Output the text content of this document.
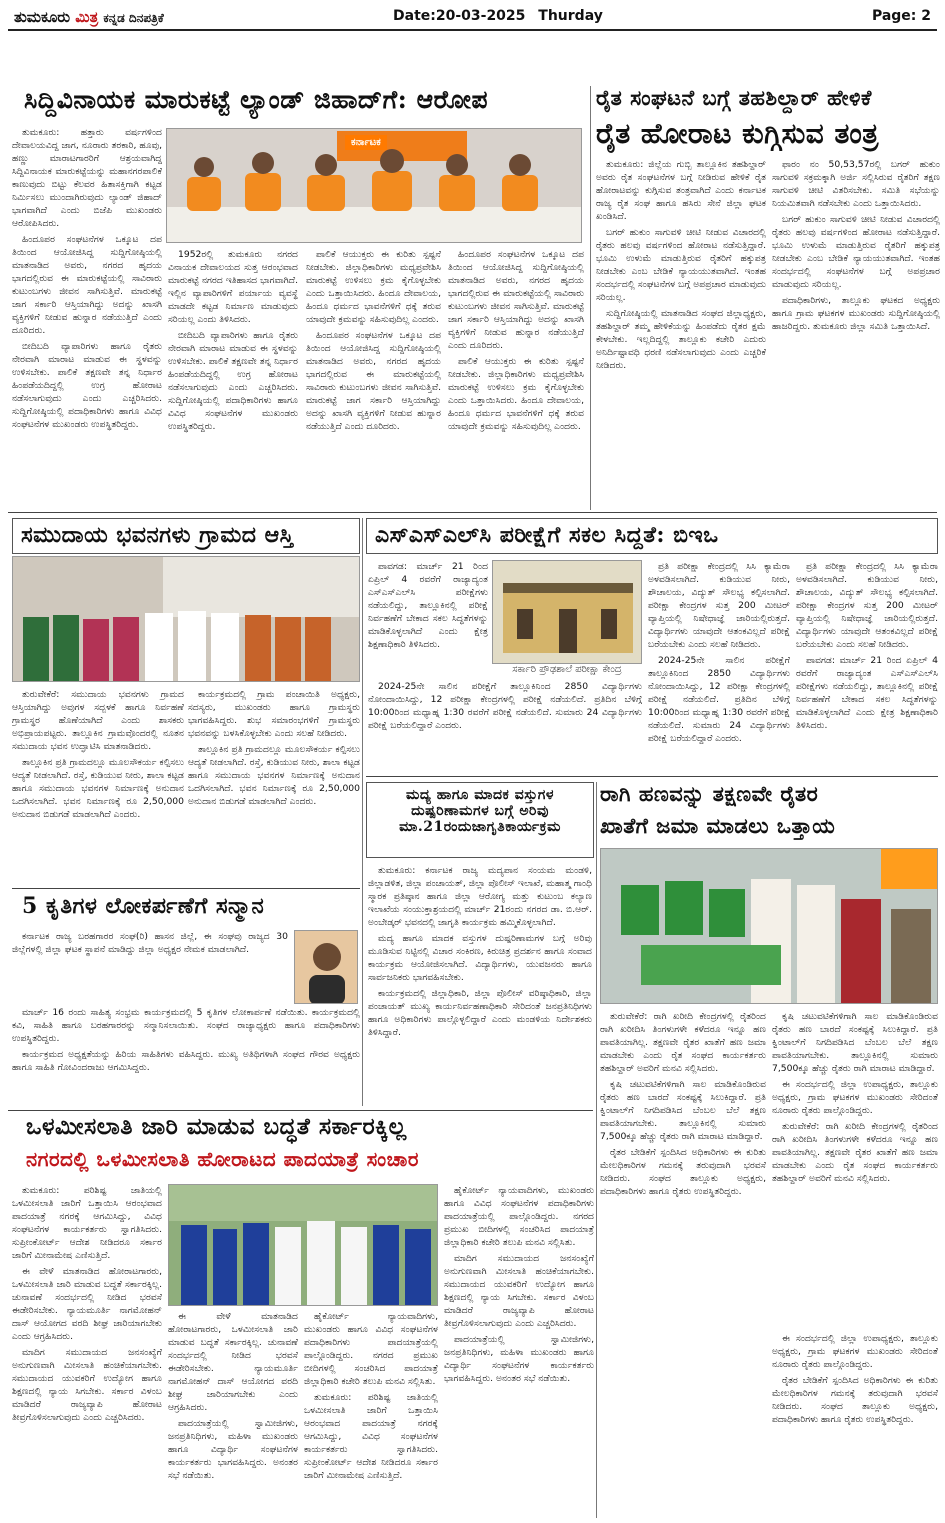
ತುಮಕೂರು ಮಿತ್ರ ಕನ್ನಡ ದಿನಪತ್ರಿಕೆ	Date:20-03-2025 Thurday	Page: 2
ಸಿದ್ದಿವಿನಾಯಕ ಮಾರುಕಟ್ಟೆ ಲ್ಯಾಂಡ್ ಜಿಹಾದ್‌ಗೆ: ಆರೋಪ
ಕರ್ನಾಟಕ

ತುಮಕೂರು: ಹತ್ತಾರು ವರ್ಷಗಳಿಂದ ದೇವಾಲಯವಿದ್ದ ಜಾಗ, ನೂರಾರು ತರಕಾರಿ, ಹೂವು, ಹಣ್ಣು ಮಾರಾಟಗಾರರಿಗೆ ಆಶ್ರಯವಾಗಿದ್ದ ಸಿದ್ದಿವಿನಾಯಕ ಮಾರುಕಟ್ಟೆಯನ್ನು ಮಹಾನಗರಪಾಲಿಕೆ ಕಾಣುವುದು ಬಿಟ್ಟು ಕೆಲವರ ಹಿತಾಸಕ್ತಿಗಾಗಿ ಕಟ್ಟಡ ನಿರ್ಮಿಸಲು ಮುಂದಾಗಿರುವುದು ಲ್ಯಾಂಡ್ ಜಿಹಾದ್ ಭಾಗವಾಗಿದೆ ಎಂದು ಬಿಜೆಪಿ ಮುಖಂಡರು ಆರೋಪಿಸಿದರು.

ಹಿಂದೂಪರ ಸಂಘಟನೆಗಳ ಒಕ್ಕೂಟ ದಪ ತಿಯಿಂದ ಆಯೋಜಿಸಿದ್ದ ಸುದ್ದಿಗೋಷ್ಠಿಯಲ್ಲಿ ಮಾತನಾಡಿದ ಅವರು, ನಗರದ ಹೃದಯ ಭಾಗದಲ್ಲಿರುವ ಈ ಮಾರುಕಟ್ಟೆಯಲ್ಲಿ ಸಾವಿರಾರು ಕುಟುಂಬಗಳು ಜೀವನ ಸಾಗಿಸುತ್ತಿವೆ. ಮಾರುಕಟ್ಟೆ ಜಾಗ ಸರ್ಕಾರಿ ಆಸ್ತಿಯಾಗಿದ್ದು ಅದನ್ನು ಖಾಸಗಿ ವ್ಯಕ್ತಿಗಳಿಗೆ ನೀಡುವ ಹುನ್ನಾರ ನಡೆಯುತ್ತಿದೆ ಎಂದು ದೂರಿದರು.

ಬೀದಿಬದಿ ವ್ಯಾಪಾರಿಗಳು ಹಾಗೂ ರೈತರು ನೇರವಾಗಿ ಮಾರಾಟ ಮಾಡುವ ಈ ಸ್ಥಳವನ್ನು ಉಳಿಸಬೇಕು. ಪಾಲಿಕೆ ತಕ್ಷಣವೇ ತನ್ನ ನಿರ್ಧಾರ ಹಿಂಪಡೆಯದಿದ್ದಲ್ಲಿ ಉಗ್ರ ಹೋರಾಟ ನಡೆಸಲಾಗುವುದು ಎಂದು ಎಚ್ಚರಿಸಿದರು. ಸುದ್ದಿಗೋಷ್ಠಿಯಲ್ಲಿ ಪದಾಧಿಕಾರಿಗಳು ಹಾಗೂ ವಿವಿಧ ಸಂಘಟನೆಗಳ ಮುಖಂಡರು ಉಪಸ್ಥಿತರಿದ್ದರು.

1952ರಲ್ಲಿ ತುಮಕೂರು ನಗರದ ವಿನಾಯಕ ದೇವಾಲಯದ ಸುತ್ತ ಆರಂಭವಾದ ಮಾರುಕಟ್ಟೆ ನಗರದ ಇತಿಹಾಸದ ಭಾಗವಾಗಿದೆ. ಇಲ್ಲಿನ ವ್ಯಾಪಾರಿಗಳಿಗೆ ಪರ್ಯಾಯ ವ್ಯವಸ್ಥೆ ಮಾಡದೇ ಕಟ್ಟಡ ನಿರ್ಮಾಣ ಮಾಡುವುದು ಸರಿಯಲ್ಲ ಎಂದು ತಿಳಿಸಿದರು.

ಬೀದಿಬದಿ ವ್ಯಾಪಾರಿಗಳು ಹಾಗೂ ರೈತರು ನೇರವಾಗಿ ಮಾರಾಟ ಮಾಡುವ ಈ ಸ್ಥಳವನ್ನು ಉಳಿಸಬೇಕು. ಪಾಲಿಕೆ ತಕ್ಷಣವೇ ತನ್ನ ನಿರ್ಧಾರ ಹಿಂಪಡೆಯದಿದ್ದಲ್ಲಿ ಉಗ್ರ ಹೋರಾಟ ನಡೆಸಲಾಗುವುದು ಎಂದು ಎಚ್ಚರಿಸಿದರು. ಸುದ್ದಿಗೋಷ್ಠಿಯಲ್ಲಿ ಪದಾಧಿಕಾರಿಗಳು ಹಾಗೂ ವಿವಿಧ ಸಂಘಟನೆಗಳ ಮುಖಂಡರು ಉಪಸ್ಥಿತರಿದ್ದರು.

ಪಾಲಿಕೆ ಆಯುಕ್ತರು ಈ ಕುರಿತು ಸ್ಪಷ್ಟನೆ ನೀಡಬೇಕು. ಜಿಲ್ಲಾಧಿಕಾರಿಗಳು ಮಧ್ಯಪ್ರವೇಶಿಸಿ ಮಾರುಕಟ್ಟೆ ಉಳಿಸಲು ಕ್ರಮ ಕೈಗೊಳ್ಳಬೇಕು ಎಂದು ಒತ್ತಾಯಿಸಿದರು. ಹಿಂದೂ ದೇವಾಲಯ, ಹಿಂದೂ ಧರ್ಮದ ಭಾವನೆಗಳಿಗೆ ಧಕ್ಕೆ ತರುವ ಯಾವುದೇ ಕ್ರಮವನ್ನು ಸಹಿಸುವುದಿಲ್ಲ ಎಂದರು.

ಹಿಂದೂಪರ ಸಂಘಟನೆಗಳ ಒಕ್ಕೂಟ ದಪ ತಿಯಿಂದ ಆಯೋಜಿಸಿದ್ದ ಸುದ್ದಿಗೋಷ್ಠಿಯಲ್ಲಿ ಮಾತನಾಡಿದ ಅವರು, ನಗರದ ಹೃದಯ ಭಾಗದಲ್ಲಿರುವ ಈ ಮಾರುಕಟ್ಟೆಯಲ್ಲಿ ಸಾವಿರಾರು ಕುಟುಂಬಗಳು ಜೀವನ ಸಾಗಿಸುತ್ತಿವೆ. ಮಾರುಕಟ್ಟೆ ಜಾಗ ಸರ್ಕಾರಿ ಆಸ್ತಿಯಾಗಿದ್ದು ಅದನ್ನು ಖಾಸಗಿ ವ್ಯಕ್ತಿಗಳಿಗೆ ನೀಡುವ ಹುನ್ನಾರ ನಡೆಯುತ್ತಿದೆ ಎಂದು ದೂರಿದರು.

ಹಿಂದೂಪರ ಸಂಘಟನೆಗಳ ಒಕ್ಕೂಟ ದಪ ತಿಯಿಂದ ಆಯೋಜಿಸಿದ್ದ ಸುದ್ದಿಗೋಷ್ಠಿಯಲ್ಲಿ ಮಾತನಾಡಿದ ಅವರು, ನಗರದ ಹೃದಯ ಭಾಗದಲ್ಲಿರುವ ಈ ಮಾರುಕಟ್ಟೆಯಲ್ಲಿ ಸಾವಿರಾರು ಕುಟುಂಬಗಳು ಜೀವನ ಸಾಗಿಸುತ್ತಿವೆ. ಮಾರುಕಟ್ಟೆ ಜಾಗ ಸರ್ಕಾರಿ ಆಸ್ತಿಯಾಗಿದ್ದು ಅದನ್ನು ಖಾಸಗಿ ವ್ಯಕ್ತಿಗಳಿಗೆ ನೀಡುವ ಹುನ್ನಾರ ನಡೆಯುತ್ತಿದೆ ಎಂದು ದೂರಿದರು.

ಪಾಲಿಕೆ ಆಯುಕ್ತರು ಈ ಕುರಿತು ಸ್ಪಷ್ಟನೆ ನೀಡಬೇಕು. ಜಿಲ್ಲಾಧಿಕಾರಿಗಳು ಮಧ್ಯಪ್ರವೇಶಿಸಿ ಮಾರುಕಟ್ಟೆ ಉಳಿಸಲು ಕ್ರಮ ಕೈಗೊಳ್ಳಬೇಕು ಎಂದು ಒತ್ತಾಯಿಸಿದರು. ಹಿಂದೂ ದೇವಾಲಯ, ಹಿಂದೂ ಧರ್ಮದ ಭಾವನೆಗಳಿಗೆ ಧಕ್ಕೆ ತರುವ ಯಾವುದೇ ಕ್ರಮವನ್ನು ಸಹಿಸುವುದಿಲ್ಲ ಎಂದರು.

ರೈತ ಸಂಘಟನೆ ಬಗ್ಗೆ ತಹಶಿಲ್ದಾರ್ ಹೇಳಿಕೆ
ರೈತ ಹೋರಾಟ ಕುಗ್ಗಿಸುವ ತಂತ್ರ

ತುಮಕೂರು: ಜಿಲ್ಲೆಯ ಗುಬ್ಬಿ ತಾಲ್ಲೂಕಿನ ತಹಶಿಲ್ದಾರ್ ಅವರು ರೈತ ಸಂಘಟನೆಗಳ ಬಗ್ಗೆ ನೀಡಿರುವ ಹೇಳಿಕೆ ರೈತ ಹೋರಾಟವನ್ನು ಕುಗ್ಗಿಸುವ ತಂತ್ರವಾಗಿದೆ ಎಂದು ಕರ್ನಾಟಕ ರಾಜ್ಯ ರೈತ ಸಂಘ ಹಾಗೂ ಹಸಿರು ಸೇನೆ ಜಿಲ್ಲಾ ಘಟಕ ಖಂಡಿಸಿದೆ.

ಬಗರ್ ಹುಕುಂ ಸಾಗುವಳಿ ಚೀಟಿ ನೀಡುವ ವಿಚಾರದಲ್ಲಿ ರೈತರು ಹಲವು ವರ್ಷಗಳಿಂದ ಹೋರಾಟ ನಡೆಸುತ್ತಿದ್ದಾರೆ. ಭೂಮಿ ಉಳುಮೆ ಮಾಡುತ್ತಿರುವ ರೈತರಿಗೆ ಹಕ್ಕುಪತ್ರ ನೀಡಬೇಕು ಎಂಬ ಬೇಡಿಕೆ ನ್ಯಾಯಯುತವಾಗಿದೆ. ಇಂತಹ ಸಂದರ್ಭದಲ್ಲಿ ಸಂಘಟನೆಗಳ ಬಗ್ಗೆ ಅಪಪ್ರಚಾರ ಮಾಡುವುದು ಸರಿಯಲ್ಲ.

ಸುದ್ದಿಗೋಷ್ಠಿಯಲ್ಲಿ ಮಾತನಾಡಿದ ಸಂಘದ ಜಿಲ್ಲಾಧ್ಯಕ್ಷರು, ತಹಶಿಲ್ದಾರ್ ತಮ್ಮ ಹೇಳಿಕೆಯನ್ನು ಹಿಂಪಡೆದು ರೈತರ ಕ್ಷಮೆ ಕೇಳಬೇಕು. ಇಲ್ಲದಿದ್ದಲ್ಲಿ ತಾಲ್ಲೂಕು ಕಚೇರಿ ಎದುರು ಅನಿರ್ದಿಷ್ಟಾವಧಿ ಧರಣಿ ನಡೆಸಲಾಗುವುದು ಎಂದು ಎಚ್ಚರಿಕೆ ನೀಡಿದರು.

ಫಾರಂ ನಂ 50,53,57ರಲ್ಲಿ ಬಗರ್ ಹುಕುಂ ಸಾಗುವಳಿ ಸಕ್ರಮಕ್ಕಾಗಿ ಅರ್ಜಿ ಸಲ್ಲಿಸಿರುವ ರೈತರಿಗೆ ತಕ್ಷಣ ಸಾಗುವಳಿ ಚೀಟಿ ವಿತರಿಸಬೇಕು. ಸಮಿತಿ ಸಭೆಯನ್ನು ನಿಯಮಿತವಾಗಿ ನಡೆಸಬೇಕು ಎಂದು ಒತ್ತಾಯಿಸಿದರು.

ಬಗರ್ ಹುಕುಂ ಸಾಗುವಳಿ ಚೀಟಿ ನೀಡುವ ವಿಚಾರದಲ್ಲಿ ರೈತರು ಹಲವು ವರ್ಷಗಳಿಂದ ಹೋರಾಟ ನಡೆಸುತ್ತಿದ್ದಾರೆ. ಭೂಮಿ ಉಳುಮೆ ಮಾಡುತ್ತಿರುವ ರೈತರಿಗೆ ಹಕ್ಕುಪತ್ರ ನೀಡಬೇಕು ಎಂಬ ಬೇಡಿಕೆ ನ್ಯಾಯಯುತವಾಗಿದೆ. ಇಂತಹ ಸಂದರ್ಭದಲ್ಲಿ ಸಂಘಟನೆಗಳ ಬಗ್ಗೆ ಅಪಪ್ರಚಾರ ಮಾಡುವುದು ಸರಿಯಲ್ಲ.

ಪದಾಧಿಕಾರಿಗಳು, ತಾಲ್ಲೂಕು ಘಟಕದ ಅಧ್ಯಕ್ಷರು ಹಾಗೂ ಗ್ರಾಮ ಘಟಕಗಳ ಮುಖಂಡರು ಸುದ್ದಿಗೋಷ್ಠಿಯಲ್ಲಿ ಹಾಜರಿದ್ದರು. ತುಮಕೂರು ಜಿಲ್ಲಾ ಸಮಿತಿ ಒತ್ತಾಯಿಸಿದೆ.

ಸಮುದಾಯ ಭವನಗಳು ಗ್ರಾಮದ ಆಸ್ತಿ

ತುರುವೇಕೆರೆ: ಸಮುದಾಯ ಭವನಗಳು ಗ್ರಾಮದ ಆಸ್ತಿಯಾಗಿದ್ದು ಅವುಗಳ ಸದ್ಬಳಕೆ ಹಾಗೂ ನಿರ್ವಹಣೆ ಗ್ರಾಮಸ್ಥರ ಹೊಣೆಯಾಗಿದೆ ಎಂದು ಶಾಸಕರು ಅಭಿಪ್ರಾಯಪಟ್ಟರು. ತಾಲ್ಲೂಕಿನ ಗ್ರಾಮವೊಂದರಲ್ಲಿ ನೂತನ ಸಮುದಾಯ ಭವನ ಉದ್ಘಾಟಿಸಿ ಮಾತನಾಡಿದರು.

ತಾಲ್ಲೂಕಿನ ಪ್ರತಿ ಗ್ರಾಮದಲ್ಲೂ ಮೂಲಸೌಕರ್ಯ ಕಲ್ಪಿಸಲು ಆದ್ಯತೆ ನೀಡಲಾಗಿದೆ. ರಸ್ತೆ, ಕುಡಿಯುವ ನೀರು, ಶಾಲಾ ಕಟ್ಟಡ ಹಾಗೂ ಸಮುದಾಯ ಭವನಗಳ ನಿರ್ಮಾಣಕ್ಕೆ ಅನುದಾನ ಒದಗಿಸಲಾಗಿದೆ. ಭವನ ನಿರ್ಮಾಣಕ್ಕೆ ರೂ 2,50,000 ಅನುದಾನ ಬಿಡುಗಡೆ ಮಾಡಲಾಗಿದೆ ಎಂದರು.

ಕಾರ್ಯಕ್ರಮದಲ್ಲಿ ಗ್ರಾಮ ಪಂಚಾಯಿತಿ ಅಧ್ಯಕ್ಷರು, ಸದಸ್ಯರು, ಮುಖಂಡರು ಹಾಗೂ ಗ್ರಾಮಸ್ಥರು ಭಾಗವಹಿಸಿದ್ದರು. ಶುಭ ಸಮಾರಂಭಗಳಿಗೆ ಗ್ರಾಮಸ್ಥರು ಭವನವನ್ನು ಬಳಸಿಕೊಳ್ಳಬೇಕು ಎಂದು ಸಲಹೆ ನೀಡಿದರು.

ತಾಲ್ಲೂಕಿನ ಪ್ರತಿ ಗ್ರಾಮದಲ್ಲೂ ಮೂಲಸೌಕರ್ಯ ಕಲ್ಪಿಸಲು ಆದ್ಯತೆ ನೀಡಲಾಗಿದೆ. ರಸ್ತೆ, ಕುಡಿಯುವ ನೀರು, ಶಾಲಾ ಕಟ್ಟಡ ಹಾಗೂ ಸಮುದಾಯ ಭವನಗಳ ನಿರ್ಮಾಣಕ್ಕೆ ಅನುದಾನ ಒದಗಿಸಲಾಗಿದೆ. ಭವನ ನಿರ್ಮಾಣಕ್ಕೆ ರೂ 2,50,000 ಅನುದಾನ ಬಿಡುಗಡೆ ಮಾಡಲಾಗಿದೆ ಎಂದರು.

ಎಸ್‌ಎಸ್‌ಎಲ್‌ಸಿ ಪರೀಕ್ಷೆಗೆ ಸಕಲ ಸಿದ್ದತೆ: ಬಿಇಒ

ಪಾವಗಡ: ಮಾರ್ಚ್ 21 ರಿಂದ ಏಪ್ರಿಲ್ 4 ರವರೆಗೆ ರಾಜ್ಯಾದ್ಯಂತ ಎಸ್‌ಎಸ್‌ಎಲ್‌ಸಿ ಪರೀಕ್ಷೆಗಳು ನಡೆಯಲಿದ್ದು, ತಾಲ್ಲೂಕಿನಲ್ಲಿ ಪರೀಕ್ಷೆ ನಿರ್ವಹಣೆಗೆ ಬೇಕಾದ ಸಕಲ ಸಿದ್ಧತೆಗಳನ್ನು ಮಾಡಿಕೊಳ್ಳಲಾಗಿದೆ ಎಂದು ಕ್ಷೇತ್ರ ಶಿಕ್ಷಣಾಧಿಕಾರಿ ತಿಳಿಸಿದರು.

ಸರ್ಕಾರಿ ಪ್ರೌಢಶಾಲೆ ಪರೀಕ್ಷಾ ಕೇಂದ್ರ

2024-25ನೇ ಸಾಲಿನ ಪರೀಕ್ಷೆಗೆ ತಾಲ್ಲೂಕಿನಿಂದ 2850 ವಿದ್ಯಾರ್ಥಿಗಳು ನೋಂದಾಯಿಸಿದ್ದು, 12 ಪರೀಕ್ಷಾ ಕೇಂದ್ರಗಳಲ್ಲಿ ಪರೀಕ್ಷೆ ನಡೆಯಲಿದೆ. ಪ್ರತಿದಿನ ಬೆಳಿಗ್ಗೆ 10:00ರಿಂದ ಮಧ್ಯಾಹ್ನ 1:30 ರವರೆಗೆ ಪರೀಕ್ಷೆ ನಡೆಯಲಿದೆ. ಸುಮಾರು 24 ವಿದ್ಯಾರ್ಥಿಗಳು ಪರೀಕ್ಷೆ ಬರೆಯಲಿದ್ದಾರೆ ಎಂದರು.

ಪ್ರತಿ ಪರೀಕ್ಷಾ ಕೇಂದ್ರದಲ್ಲಿ ಸಿಸಿ ಕ್ಯಾಮೆರಾ ಅಳವಡಿಸಲಾಗಿದೆ. ಕುಡಿಯುವ ನೀರು, ಶೌಚಾಲಯ, ವಿದ್ಯುತ್ ಸೌಲಭ್ಯ ಕಲ್ಪಿಸಲಾಗಿದೆ. ಪರೀಕ್ಷಾ ಕೇಂದ್ರಗಳ ಸುತ್ತ 200 ಮೀಟರ್ ವ್ಯಾಪ್ತಿಯಲ್ಲಿ ನಿಷೇಧಾಜ್ಞೆ ಜಾರಿಯಲ್ಲಿರುತ್ತದೆ. ವಿದ್ಯಾರ್ಥಿಗಳು ಯಾವುದೇ ಆತಂಕವಿಲ್ಲದೆ ಪರೀಕ್ಷೆ ಬರೆಯಬೇಕು ಎಂದು ಸಲಹೆ ನೀಡಿದರು.

2024-25ನೇ ಸಾಲಿನ ಪರೀಕ್ಷೆಗೆ ತಾಲ್ಲೂಕಿನಿಂದ 2850 ವಿದ್ಯಾರ್ಥಿಗಳು ನೋಂದಾಯಿಸಿದ್ದು, 12 ಪರೀಕ್ಷಾ ಕೇಂದ್ರಗಳಲ್ಲಿ ಪರೀಕ್ಷೆ ನಡೆಯಲಿದೆ. ಪ್ರತಿದಿನ ಬೆಳಿಗ್ಗೆ 10:00ರಿಂದ ಮಧ್ಯಾಹ್ನ 1:30 ರವರೆಗೆ ಪರೀಕ್ಷೆ ನಡೆಯಲಿದೆ. ಸುಮಾರು 24 ವಿದ್ಯಾರ್ಥಿಗಳು ಪರೀಕ್ಷೆ ಬರೆಯಲಿದ್ದಾರೆ ಎಂದರು.

ಪ್ರತಿ ಪರೀಕ್ಷಾ ಕೇಂದ್ರದಲ್ಲಿ ಸಿಸಿ ಕ್ಯಾಮೆರಾ ಅಳವಡಿಸಲಾಗಿದೆ. ಕುಡಿಯುವ ನೀರು, ಶೌಚಾಲಯ, ವಿದ್ಯುತ್ ಸೌಲಭ್ಯ ಕಲ್ಪಿಸಲಾಗಿದೆ. ಪರೀಕ್ಷಾ ಕೇಂದ್ರಗಳ ಸುತ್ತ 200 ಮೀಟರ್ ವ್ಯಾಪ್ತಿಯಲ್ಲಿ ನಿಷೇಧಾಜ್ಞೆ ಜಾರಿಯಲ್ಲಿರುತ್ತದೆ. ವಿದ್ಯಾರ್ಥಿಗಳು ಯಾವುದೇ ಆತಂಕವಿಲ್ಲದೆ ಪರೀಕ್ಷೆ ಬರೆಯಬೇಕು ಎಂದು ಸಲಹೆ ನೀಡಿದರು.

ಪಾವಗಡ: ಮಾರ್ಚ್ 21 ರಿಂದ ಏಪ್ರಿಲ್ 4 ರವರೆಗೆ ರಾಜ್ಯಾದ್ಯಂತ ಎಸ್‌ಎಸ್‌ಎಲ್‌ಸಿ ಪರೀಕ್ಷೆಗಳು ನಡೆಯಲಿದ್ದು, ತಾಲ್ಲೂಕಿನಲ್ಲಿ ಪರೀಕ್ಷೆ ನಿರ್ವಹಣೆಗೆ ಬೇಕಾದ ಸಕಲ ಸಿದ್ಧತೆಗಳನ್ನು ಮಾಡಿಕೊಳ್ಳಲಾಗಿದೆ ಎಂದು ಕ್ಷೇತ್ರ ಶಿಕ್ಷಣಾಧಿಕಾರಿ ತಿಳಿಸಿದರು.

ಮದ್ಯ ಹಾಗೂ ಮಾದಕ ವಸ್ತುಗಳ
ದುಷ್ಪರಿಣಾಮಗಳ ಬಗ್ಗೆ ಅರಿವು
ಮಾ.21ರಂದುಜಾಗೃತಿಕಾರ್ಯಕ್ರಮ

ತುಮಕೂರು: ಕರ್ನಾಟಕ ರಾಜ್ಯ ಮದ್ಯಪಾನ ಸಂಯಮ ಮಂಡಳಿ, ಜಿಲ್ಲಾಡಳಿತ, ಜಿಲ್ಲಾ ಪಂಚಾಯತ್, ಜಿಲ್ಲಾ ಪೊಲೀಸ್ ಇಲಾಖೆ, ಮಹಾತ್ಮ ಗಾಂಧಿ ಸ್ಮಾರಕ ಪ್ರತಿಷ್ಠಾನ ಹಾಗೂ ಜಿಲ್ಲಾ ಆರೋಗ್ಯ ಮತ್ತು ಕುಟುಂಬ ಕಲ್ಯಾಣ ಇಲಾಖೆಯ ಸಂಯುಕ್ತಾಶ್ರಯದಲ್ಲಿ ಮಾರ್ಚ್ 21ರಂದು ನಗರದ ಡಾ. ಬಿ.ಆರ್. ಅಂಬೇಡ್ಕರ್ ಭವನದಲ್ಲಿ ಜಾಗೃತಿ ಕಾರ್ಯಕ್ರಮ ಹಮ್ಮಿಕೊಳ್ಳಲಾಗಿದೆ.

ಮದ್ಯ ಹಾಗೂ ಮಾದಕ ವಸ್ತುಗಳ ದುಷ್ಪರಿಣಾಮಗಳ ಬಗ್ಗೆ ಅರಿವು ಮೂಡಿಸುವ ನಿಟ್ಟಿನಲ್ಲಿ ವಿಚಾರ ಸಂಕಿರಣ, ಕಿರುಚಿತ್ರ ಪ್ರದರ್ಶನ ಹಾಗೂ ಸಂವಾದ ಕಾರ್ಯಕ್ರಮ ಆಯೋಜಿಸಲಾಗಿದೆ. ವಿದ್ಯಾರ್ಥಿಗಳು, ಯುವಜನರು ಹಾಗೂ ಸಾರ್ವಜನಿಕರು ಭಾಗವಹಿಸಬೇಕು.

ಕಾರ್ಯಕ್ರಮದಲ್ಲಿ ಜಿಲ್ಲಾಧಿಕಾರಿ, ಜಿಲ್ಲಾ ಪೊಲೀಸ್ ವರಿಷ್ಠಾಧಿಕಾರಿ, ಜಿಲ್ಲಾ ಪಂಚಾಯತ್ ಮುಖ್ಯ ಕಾರ್ಯನಿರ್ವಹಣಾಧಿಕಾರಿ ಸೇರಿದಂತೆ ಜನಪ್ರತಿನಿಧಿಗಳು ಹಾಗೂ ಅಧಿಕಾರಿಗಳು ಪಾಲ್ಗೊಳ್ಳಲಿದ್ದಾರೆ ಎಂದು ಮಂಡಳಿಯ ನಿರ್ದೇಶಕರು ತಿಳಿಸಿದ್ದಾರೆ.

ರಾಗಿ ಹಣವನ್ನು ತಕ್ಷಣವೇ ರೈತರ
ಖಾತೆಗೆ ಜಮಾ ಮಾಡಲು ಒತ್ತಾಯ

ತುರುವೇಕೆರೆ: ರಾಗಿ ಖರೀದಿ ಕೇಂದ್ರಗಳಲ್ಲಿ ರೈತರಿಂದ ರಾಗಿ ಖರೀದಿಸಿ ತಿಂಗಳುಗಳೇ ಕಳೆದರೂ ಇನ್ನೂ ಹಣ ಪಾವತಿಯಾಗಿಲ್ಲ. ತಕ್ಷಣವೇ ರೈತರ ಖಾತೆಗೆ ಹಣ ಜಮಾ ಮಾಡಬೇಕು ಎಂದು ರೈತ ಸಂಘದ ಕಾರ್ಯಕರ್ತರು ತಹಶಿಲ್ದಾರ್ ಅವರಿಗೆ ಮನವಿ ಸಲ್ಲಿಸಿದರು.

ಕೃಷಿ ಚಟುವಟಿಕೆಗಳಿಗಾಗಿ ಸಾಲ ಮಾಡಿಕೊಂಡಿರುವ ರೈತರು ಹಣ ಬಾರದೆ ಸಂಕಷ್ಟಕ್ಕೆ ಸಿಲುಕಿದ್ದಾರೆ. ಪ್ರತಿ ಕ್ವಿಂಟಾಲ್‌ಗೆ ನಿಗದಿಪಡಿಸಿದ ಬೆಂಬಲ ಬೆಲೆ ತಕ್ಷಣ ಪಾವತಿಯಾಗಬೇಕು. ತಾಲ್ಲೂಕಿನಲ್ಲಿ ಸುಮಾರು 7,500ಕ್ಕೂ ಹೆಚ್ಚು ರೈತರು ರಾಗಿ ಮಾರಾಟ ಮಾಡಿದ್ದಾರೆ.

ರೈತರ ಬೇಡಿಕೆಗೆ ಸ್ಪಂದಿಸಿದ ಅಧಿಕಾರಿಗಳು ಈ ಕುರಿತು ಮೇಲಧಿಕಾರಿಗಳ ಗಮನಕ್ಕೆ ತರುವುದಾಗಿ ಭರವಸೆ ನೀಡಿದರು. ಸಂಘದ ತಾಲ್ಲೂಕು ಅಧ್ಯಕ್ಷರು, ಪದಾಧಿಕಾರಿಗಳು ಹಾಗೂ ರೈತರು ಉಪಸ್ಥಿತರಿದ್ದರು.

ಕೃಷಿ ಚಟುವಟಿಕೆಗಳಿಗಾಗಿ ಸಾಲ ಮಾಡಿಕೊಂಡಿರುವ ರೈತರು ಹಣ ಬಾರದೆ ಸಂಕಷ್ಟಕ್ಕೆ ಸಿಲುಕಿದ್ದಾರೆ. ಪ್ರತಿ ಕ್ವಿಂಟಾಲ್‌ಗೆ ನಿಗದಿಪಡಿಸಿದ ಬೆಂಬಲ ಬೆಲೆ ತಕ್ಷಣ ಪಾವತಿಯಾಗಬೇಕು. ತಾಲ್ಲೂಕಿನಲ್ಲಿ ಸುಮಾರು 7,500ಕ್ಕೂ ಹೆಚ್ಚು ರೈತರು ರಾಗಿ ಮಾರಾಟ ಮಾಡಿದ್ದಾರೆ.

ಈ ಸಂದರ್ಭದಲ್ಲಿ ಜಿಲ್ಲಾ ಉಪಾಧ್ಯಕ್ಷರು, ತಾಲ್ಲೂಕು ಅಧ್ಯಕ್ಷರು, ಗ್ರಾಮ ಘಟಕಗಳ ಮುಖಂಡರು ಸೇರಿದಂತೆ ನೂರಾರು ರೈತರು ಪಾಲ್ಗೊಂಡಿದ್ದರು.

ತುರುವೇಕೆರೆ: ರಾಗಿ ಖರೀದಿ ಕೇಂದ್ರಗಳಲ್ಲಿ ರೈತರಿಂದ ರಾಗಿ ಖರೀದಿಸಿ ತಿಂಗಳುಗಳೇ ಕಳೆದರೂ ಇನ್ನೂ ಹಣ ಪಾವತಿಯಾಗಿಲ್ಲ. ತಕ್ಷಣವೇ ರೈತರ ಖಾತೆಗೆ ಹಣ ಜಮಾ ಮಾಡಬೇಕು ಎಂದು ರೈತ ಸಂಘದ ಕಾರ್ಯಕರ್ತರು ತಹಶಿಲ್ದಾರ್ ಅವರಿಗೆ ಮನವಿ ಸಲ್ಲಿಸಿದರು.

ಈ ಸಂದರ್ಭದಲ್ಲಿ ಜಿಲ್ಲಾ ಉಪಾಧ್ಯಕ್ಷರು, ತಾಲ್ಲೂಕು ಅಧ್ಯಕ್ಷರು, ಗ್ರಾಮ ಘಟಕಗಳ ಮುಖಂಡರು ಸೇರಿದಂತೆ ನೂರಾರು ರೈತರು ಪಾಲ್ಗೊಂಡಿದ್ದರು.

ರೈತರ ಬೇಡಿಕೆಗೆ ಸ್ಪಂದಿಸಿದ ಅಧಿಕಾರಿಗಳು ಈ ಕುರಿತು ಮೇಲಧಿಕಾರಿಗಳ ಗಮನಕ್ಕೆ ತರುವುದಾಗಿ ಭರವಸೆ ನೀಡಿದರು. ಸಂಘದ ತಾಲ್ಲೂಕು ಅಧ್ಯಕ್ಷರು, ಪದಾಧಿಕಾರಿಗಳು ಹಾಗೂ ರೈತರು ಉಪಸ್ಥಿತರಿದ್ದರು.

5 ಕೃತಿಗಳ ಲೋಕರ್ಪಣೆಗೆ ಸನ್ಮಾನ

ಕರ್ನಾಟಕ ರಾಜ್ಯ ಬರಹಗಾರರ ಸಂಘ(ರಿ) ಹಾಸನ ಜಿಲ್ಲೆ, ಈ ಸಂಘವು ರಾಜ್ಯದ 30 ಜಿಲ್ಲೆಗಳಲ್ಲಿ ಜಿಲ್ಲಾ ಘಟಕ ಸ್ಥಾಪನೆ ಮಾಡಿದ್ದು ಜಿಲ್ಲಾ ಅಧ್ಯಕ್ಷರ ನೇಮಕ ಮಾಡಲಾಗಿದೆ.

ಮಾರ್ಚ್ 16 ರಂದು ಸಾಹಿತ್ಯ ಸಂಭ್ರಮ ಕಾರ್ಯಕ್ರಮದಲ್ಲಿ 5 ಕೃತಿಗಳ ಲೋಕಾರ್ಪಣೆ ನಡೆಯಿತು. ಕಾರ್ಯಕ್ರಮದಲ್ಲಿ ಕವಿ, ಸಾಹಿತಿ ಹಾಗೂ ಬರಹಗಾರರನ್ನು ಸನ್ಮಾನಿಸಲಾಯಿತು. ಸಂಘದ ರಾಜ್ಯಾಧ್ಯಕ್ಷರು ಹಾಗೂ ಪದಾಧಿಕಾರಿಗಳು ಉಪಸ್ಥಿತರಿದ್ದರು.

ಕಾರ್ಯಕ್ರಮದ ಅಧ್ಯಕ್ಷತೆಯನ್ನು ಹಿರಿಯ ಸಾಹಿತಿಗಳು ವಹಿಸಿದ್ದರು. ಮುಖ್ಯ ಅತಿಥಿಗಳಾಗಿ ಸಂಘದ ಗೌರವ ಅಧ್ಯಕ್ಷರು ಹಾಗೂ ಸಾಹಿತಿ ಗೋವಿಂದರಾಜು ಆಗಮಿಸಿದ್ದರು.

ಒಳಮೀಸಲಾತಿ ಜಾರಿ ಮಾಡುವ ಬದ್ಧತೆ ಸರ್ಕಾರಕ್ಕಿಲ್ಲ
ನಗರದಲ್ಲಿ ಒಳಮೀಸಲಾತಿ ಹೋರಾಟದ ಪಾದಯಾತ್ರೆ ಸಂಚಾರ

ತುಮಕೂರು: ಪರಿಶಿಷ್ಟ ಜಾತಿಯಲ್ಲಿ ಒಳಮೀಸಲಾತಿ ಜಾರಿಗೆ ಒತ್ತಾಯಿಸಿ ಆರಂಭವಾದ ಪಾದಯಾತ್ರೆ ನಗರಕ್ಕೆ ಆಗಮಿಸಿದ್ದು, ವಿವಿಧ ಸಂಘಟನೆಗಳ ಕಾರ್ಯಕರ್ತರು ಸ್ವಾಗತಿಸಿದರು. ಸುಪ್ರೀಂಕೋರ್ಟ್ ಆದೇಶ ನೀಡಿದರೂ ಸರ್ಕಾರ ಜಾರಿಗೆ ಮೀನಾಮೇಷ ಎಣಿಸುತ್ತಿದೆ.

ಈ ವೇಳೆ ಮಾತನಾಡಿದ ಹೋರಾಟಗಾರರು, ಒಳಮೀಸಲಾತಿ ಜಾರಿ ಮಾಡುವ ಬದ್ಧತೆ ಸರ್ಕಾರಕ್ಕಿಲ್ಲ. ಚುನಾವಣೆ ಸಂದರ್ಭದಲ್ಲಿ ನೀಡಿದ ಭರವಸೆ ಈಡೇರಿಸಬೇಕು. ನ್ಯಾಯಮೂರ್ತಿ ನಾಗಮೋಹನ್ ದಾಸ್ ಆಯೋಗದ ವರದಿ ಶೀಘ್ರ ಜಾರಿಯಾಗಬೇಕು ಎಂದು ಆಗ್ರಹಿಸಿದರು.

ಮಾದಿಗ ಸಮುದಾಯದ ಜನಸಂಖ್ಯೆಗೆ ಅನುಗುಣವಾಗಿ ಮೀಸಲಾತಿ ಹಂಚಿಕೆಯಾಗಬೇಕು. ಸಮುದಾಯದ ಯುವಕರಿಗೆ ಉದ್ಯೋಗ ಹಾಗೂ ಶಿಕ್ಷಣದಲ್ಲಿ ನ್ಯಾಯ ಸಿಗಬೇಕು. ಸರ್ಕಾರ ವಿಳಂಬ ಮಾಡಿದರೆ ರಾಜ್ಯವ್ಯಾಪಿ ಹೋರಾಟ ತೀವ್ರಗೊಳಿಸಲಾಗುವುದು ಎಂದು ಎಚ್ಚರಿಸಿದರು.

ಈ ವೇಳೆ ಮಾತನಾಡಿದ ಹೋರಾಟಗಾರರು, ಒಳಮೀಸಲಾತಿ ಜಾರಿ ಮಾಡುವ ಬದ್ಧತೆ ಸರ್ಕಾರಕ್ಕಿಲ್ಲ. ಚುನಾವಣೆ ಸಂದರ್ಭದಲ್ಲಿ ನೀಡಿದ ಭರವಸೆ ಈಡೇರಿಸಬೇಕು. ನ್ಯಾಯಮೂರ್ತಿ ನಾಗಮೋಹನ್ ದಾಸ್ ಆಯೋಗದ ವರದಿ ಶೀಘ್ರ ಜಾರಿಯಾಗಬೇಕು ಎಂದು ಆಗ್ರಹಿಸಿದರು.

ಪಾದಯಾತ್ರೆಯಲ್ಲಿ ಸ್ವಾಮೀಜಿಗಳು, ಜನಪ್ರತಿನಿಧಿಗಳು, ಮಹಿಳಾ ಮುಖಂಡರು ಹಾಗೂ ವಿದ್ಯಾರ್ಥಿ ಸಂಘಟನೆಗಳ ಕಾರ್ಯಕರ್ತರು ಭಾಗವಹಿಸಿದ್ದರು. ಅನಂತರ ಸಭೆ ನಡೆಯಿತು.

ಹೈಕೋರ್ಟ್ ನ್ಯಾಯವಾದಿಗಳು, ಮುಖಂಡರು ಹಾಗೂ ವಿವಿಧ ಸಂಘಟನೆಗಳ ಪದಾಧಿಕಾರಿಗಳು ಪಾದಯಾತ್ರೆಯಲ್ಲಿ ಪಾಲ್ಗೊಂಡಿದ್ದರು. ನಗರದ ಪ್ರಮುಖ ಬೀದಿಗಳಲ್ಲಿ ಸಂಚರಿಸಿದ ಪಾದಯಾತ್ರೆ ಜಿಲ್ಲಾಧಿಕಾರಿ ಕಚೇರಿ ತಲುಪಿ ಮನವಿ ಸಲ್ಲಿಸಿತು.

ತುಮಕೂರು: ಪರಿಶಿಷ್ಟ ಜಾತಿಯಲ್ಲಿ ಒಳಮೀಸಲಾತಿ ಜಾರಿಗೆ ಒತ್ತಾಯಿಸಿ ಆರಂಭವಾದ ಪಾದಯಾತ್ರೆ ನಗರಕ್ಕೆ ಆಗಮಿಸಿದ್ದು, ವಿವಿಧ ಸಂಘಟನೆಗಳ ಕಾರ್ಯಕರ್ತರು ಸ್ವಾಗತಿಸಿದರು. ಸುಪ್ರೀಂಕೋರ್ಟ್ ಆದೇಶ ನೀಡಿದರೂ ಸರ್ಕಾರ ಜಾರಿಗೆ ಮೀನಾಮೇಷ ಎಣಿಸುತ್ತಿದೆ.

ಹೈಕೋರ್ಟ್ ನ್ಯಾಯವಾದಿಗಳು, ಮುಖಂಡರು ಹಾಗೂ ವಿವಿಧ ಸಂಘಟನೆಗಳ ಪದಾಧಿಕಾರಿಗಳು ಪಾದಯಾತ್ರೆಯಲ್ಲಿ ಪಾಲ್ಗೊಂಡಿದ್ದರು. ನಗರದ ಪ್ರಮುಖ ಬೀದಿಗಳಲ್ಲಿ ಸಂಚರಿಸಿದ ಪಾದಯಾತ್ರೆ ಜಿಲ್ಲಾಧಿಕಾರಿ ಕಚೇರಿ ತಲುಪಿ ಮನವಿ ಸಲ್ಲಿಸಿತು.

ಮಾದಿಗ ಸಮುದಾಯದ ಜನಸಂಖ್ಯೆಗೆ ಅನುಗುಣವಾಗಿ ಮೀಸಲಾತಿ ಹಂಚಿಕೆಯಾಗಬೇಕು. ಸಮುದಾಯದ ಯುವಕರಿಗೆ ಉದ್ಯೋಗ ಹಾಗೂ ಶಿಕ್ಷಣದಲ್ಲಿ ನ್ಯಾಯ ಸಿಗಬೇಕು. ಸರ್ಕಾರ ವಿಳಂಬ ಮಾಡಿದರೆ ರಾಜ್ಯವ್ಯಾಪಿ ಹೋರಾಟ ತೀವ್ರಗೊಳಿಸಲಾಗುವುದು ಎಂದು ಎಚ್ಚರಿಸಿದರು.

ಪಾದಯಾತ್ರೆಯಲ್ಲಿ ಸ್ವಾಮೀಜಿಗಳು, ಜನಪ್ರತಿನಿಧಿಗಳು, ಮಹಿಳಾ ಮುಖಂಡರು ಹಾಗೂ ವಿದ್ಯಾರ್ಥಿ ಸಂಘಟನೆಗಳ ಕಾರ್ಯಕರ್ತರು ಭಾಗವಹಿಸಿದ್ದರು. ಅನಂತರ ಸಭೆ ನಡೆಯಿತು.
